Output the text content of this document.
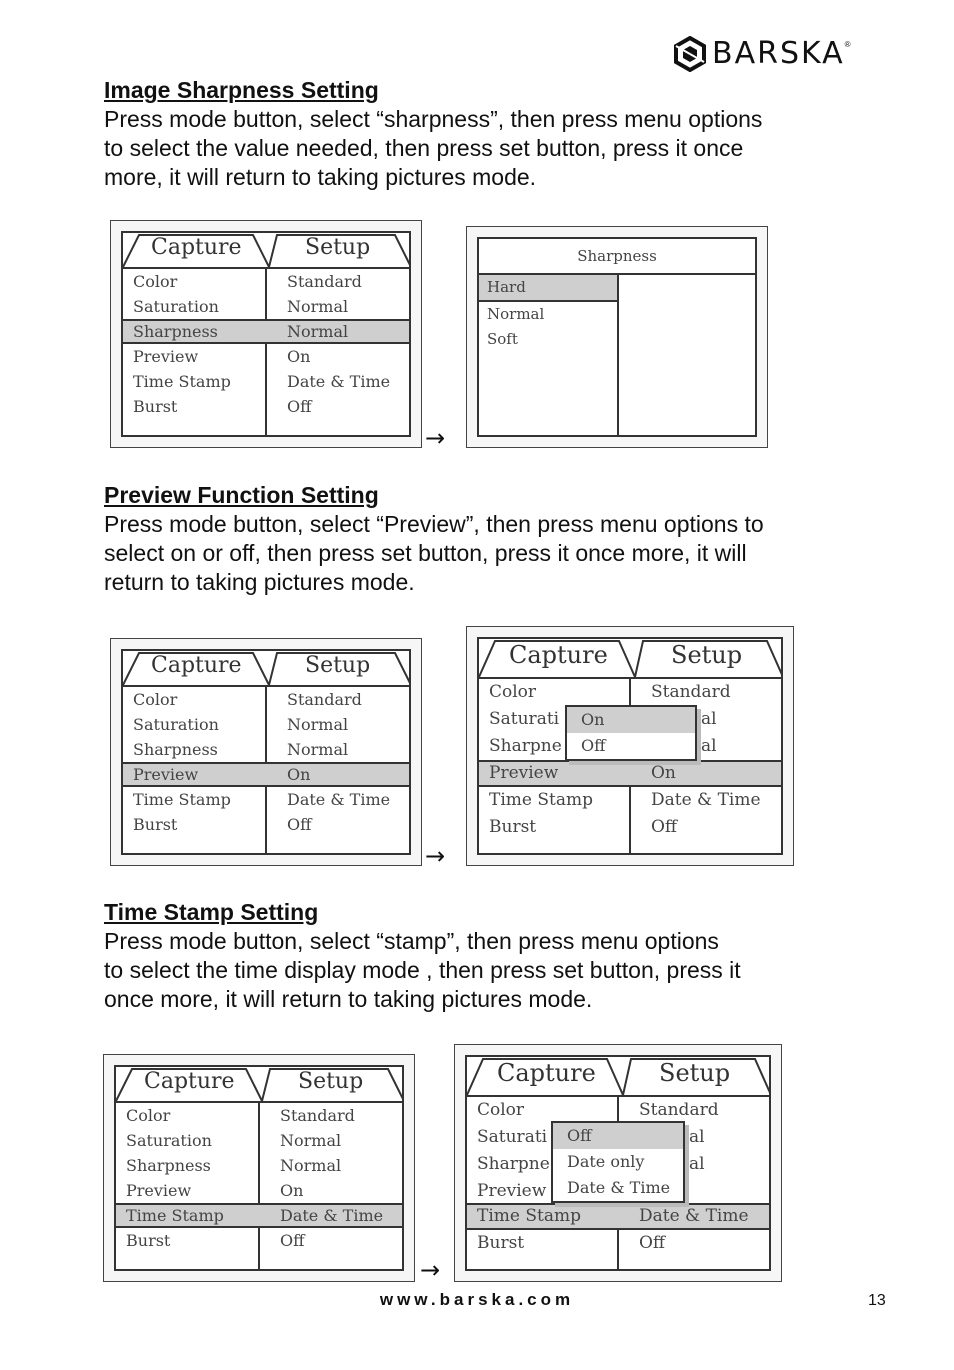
BARSKA ®

Image Sharpness Setting

Press mode button, select “sharpness”, then press menu options

to select the value needed, then press set button, press it once

more, it will return to taking pictures mode.

Capture	Setup
Color	Standard
Saturation	Normal
Sharpness	Normal
Preview	On
Time Stamp	Date & Time
Burst	Off
→
Sharpness
Hard
Normal
Soft

Preview Function Setting

Press mode button, select “Preview”, then press menu options to

select on or off, then press set button, press it once more, it will

return to taking pictures mode.

Capture	Setup
Color	Standard
Saturation	Normal
Sharpness	Normal
Preview	On
Time Stamp	Date & Time
Burst	Off
→
Capture	Setup
Color	Standard
Saturati	al
Sharpne	al
Preview	On
Time Stamp	Date & Time
Burst	Off
On
Off

Time Stamp Setting

Press mode button, select “stamp”, then press menu options

to select the time display mode , then press set button, press it

once more, it will return to taking pictures mode.

Capture	Setup
Color	Standard
Saturation	Normal
Sharpness	Normal
Preview	On
Time Stamp	Date & Time
Burst	Off
→
Capture	Setup
Color	Standard
Saturati	al
Sharpne	al
Preview
Time Stamp	Date & Time
Burst	Off
Off
Date only
Date & Time
www.barska.com	13
